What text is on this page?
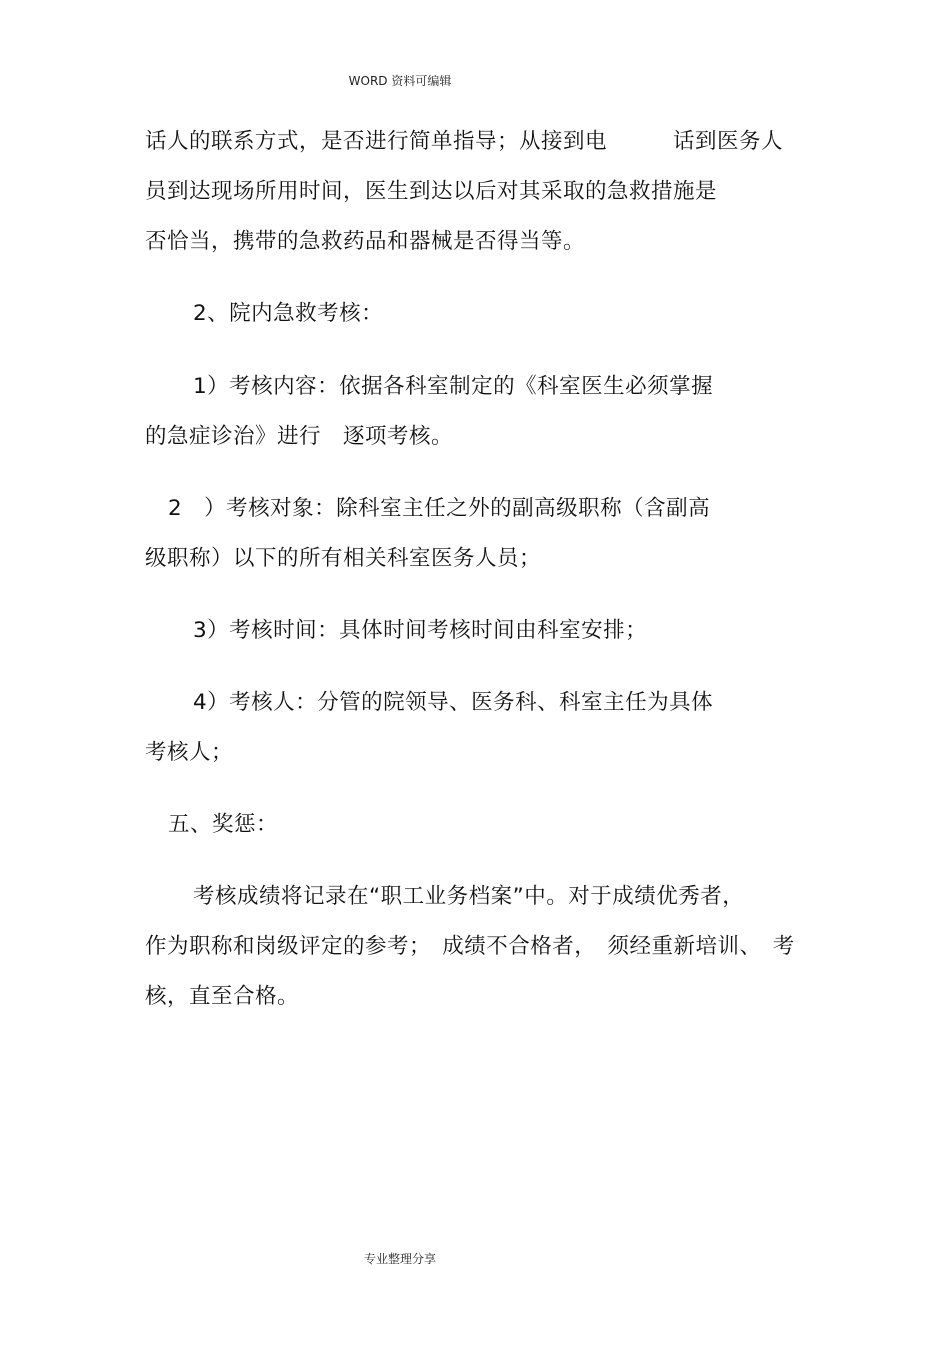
WORD 资料可编辑
话人的联系方式，是否进行简单指导；从接到电　　　话到医务人
员到达现场所用时间，医生到达以后对其采取的急救措施是
否恰当，携带的急救药品和器械是否得当等。
2、院内急救考核：
1）考核内容：依据各科室制定的《科室医生必须掌握
的急症诊治》进行　逐项考核。
2　）考核对象：除科室主任之外的副高级职称（含副高
级职称）以下的所有相关科室医务人员；
3）考核时间：具体时间考核时间由科室安排；
4）考核人：分管的院领导、医务科、科室主任为具体
考核人；
五、奖惩：
考核成绩将记录在“职工业务档案”中。对于成绩优秀者，
作为职称和岗级评定的参考；　成绩不合格者，　须经重新培训、　考
核，直至合格。
专业整理分享
